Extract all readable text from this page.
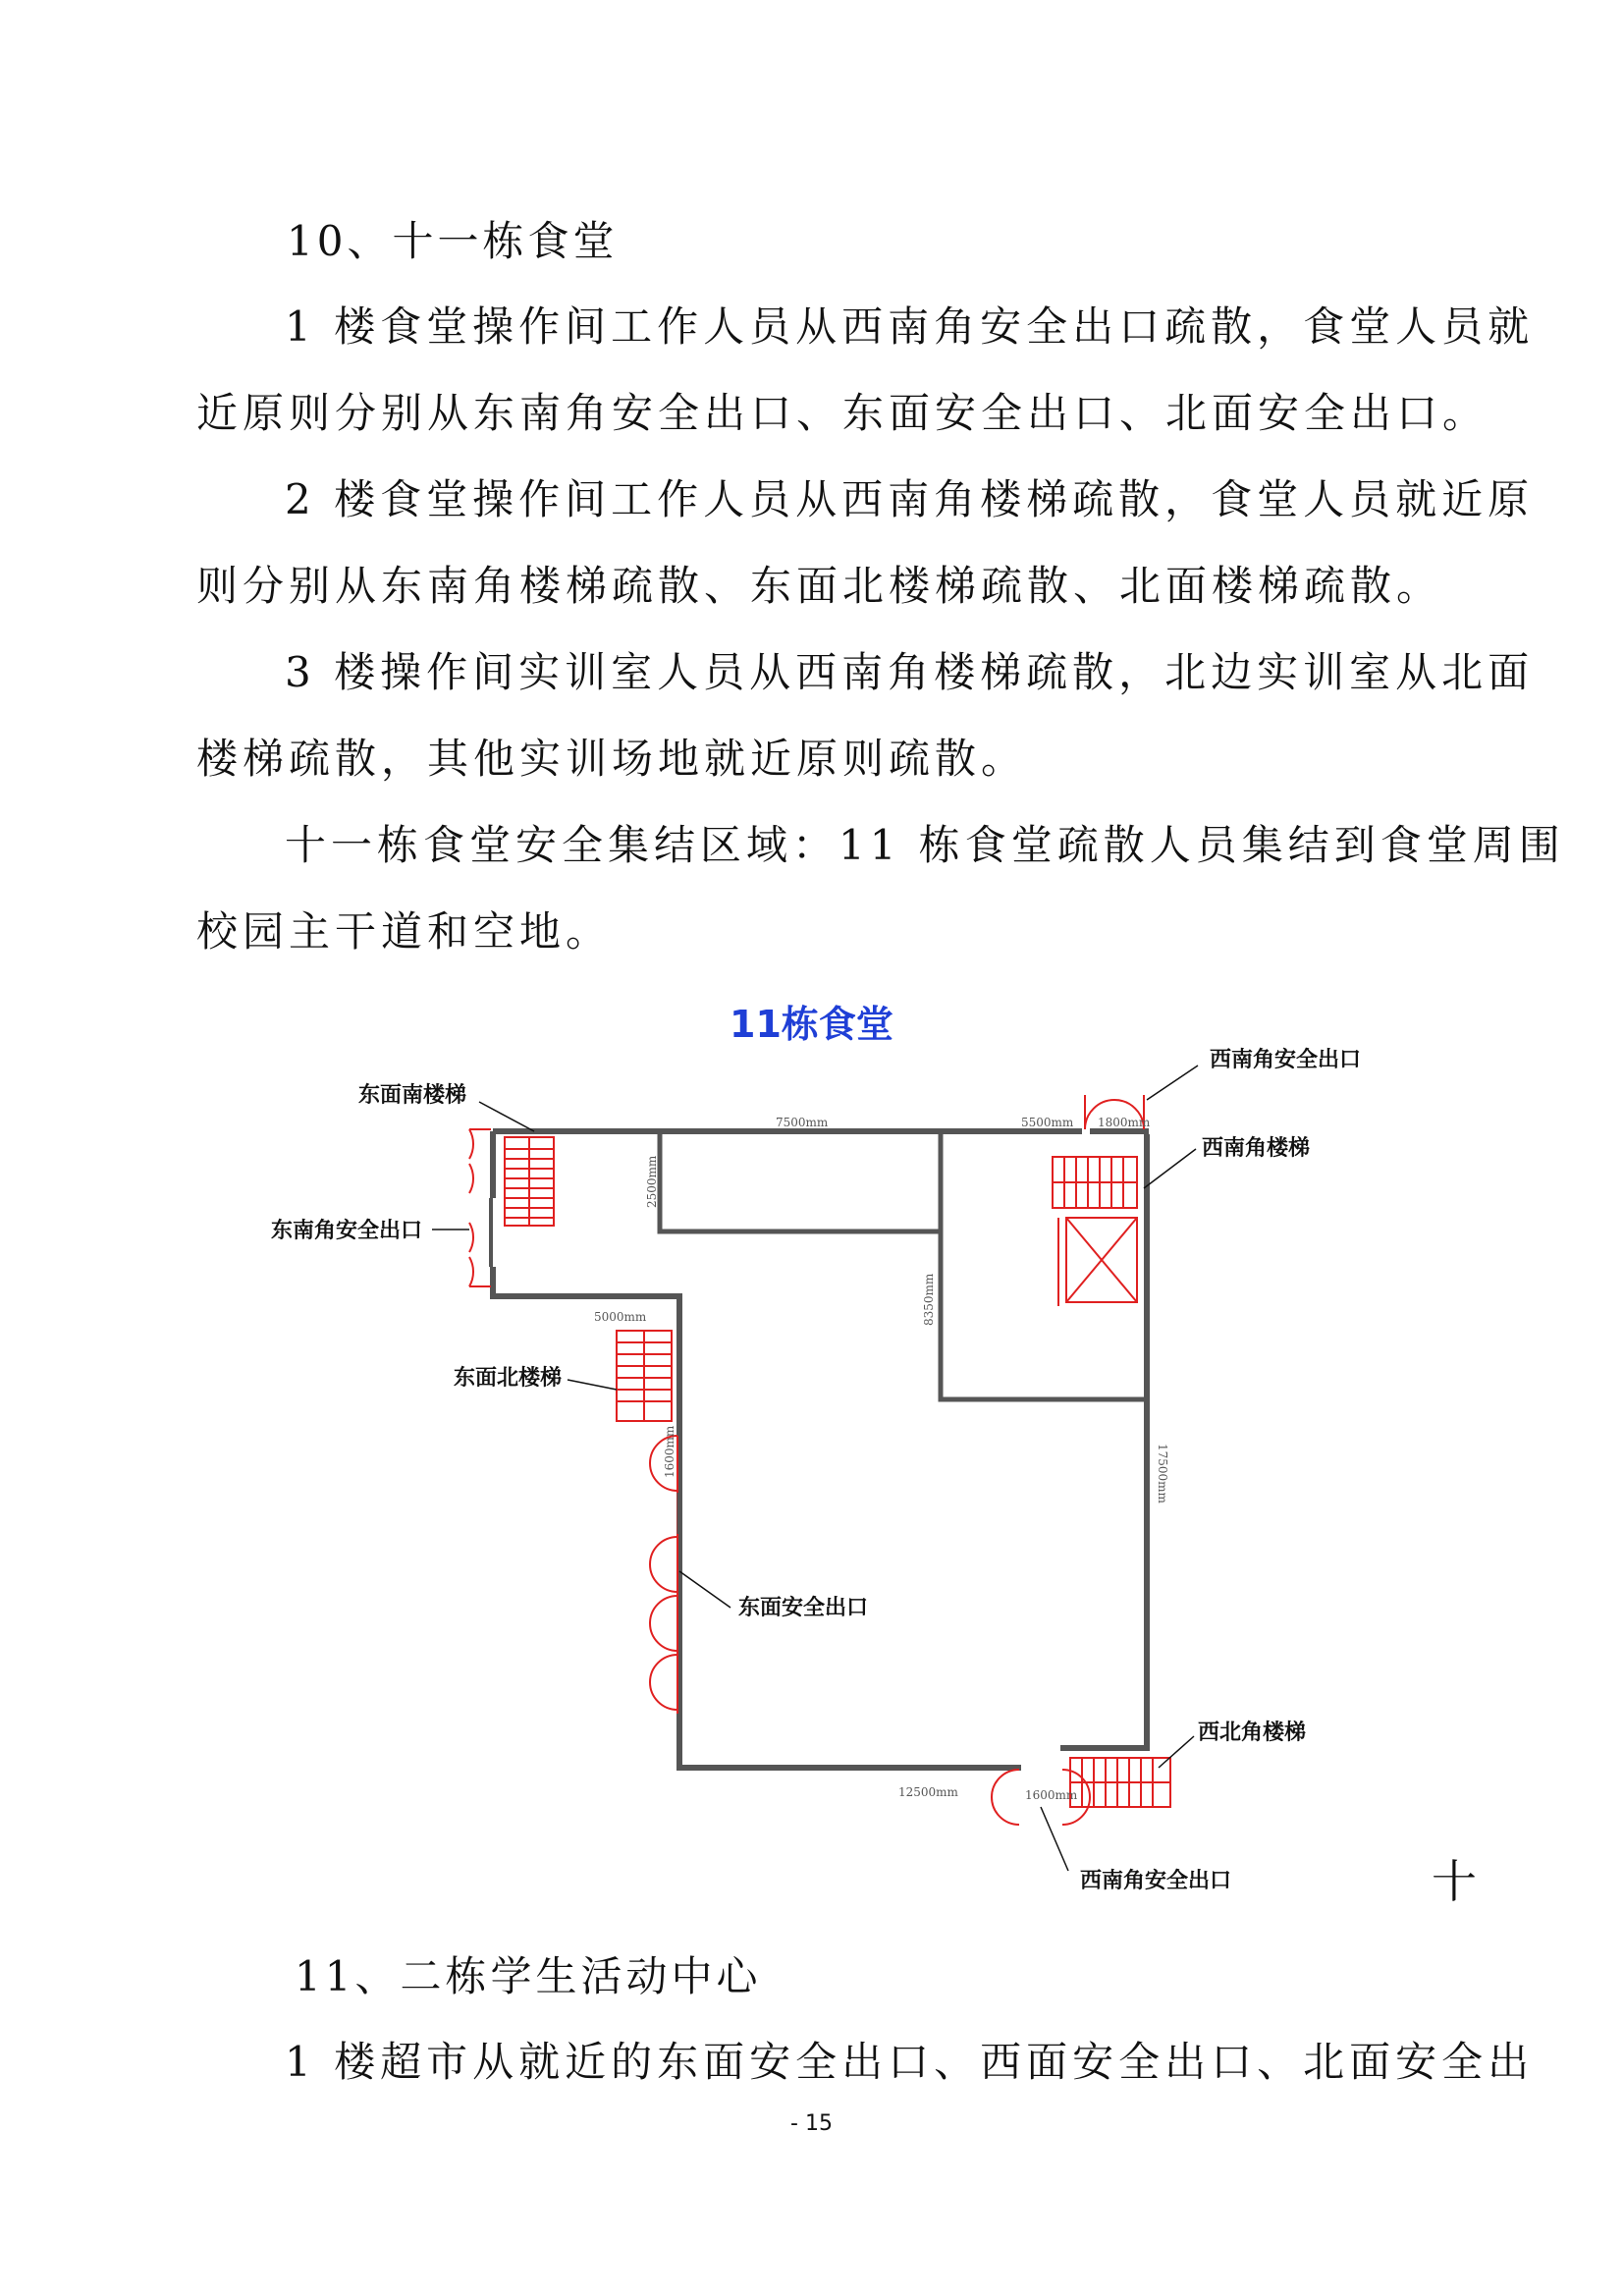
10、十一栋食堂
1 楼食堂操作间工作人员从西南角安全出口疏散，食堂人员就
近原则分别从东南角安全出口、东面安全出口、北面安全出口。
2 楼食堂操作间工作人员从西南角楼梯疏散，食堂人员就近原
则分别从东南角楼梯疏散、东面北楼梯疏散、北面楼梯疏散。
3 楼操作间实训室人员从西南角楼梯疏散，北边实训室从北面
楼梯疏散，其他实训场地就近原则疏散。
十一栋食堂安全集结区域：11 栋食堂疏散人员集结到食堂周围
校园主干道和空地。
11栋食堂
7500mm	5500mm 1800mm
5000mm
12500mm	1600mm
2500mm
8350mm
17500mm
1600mm
东面南楼梯
东南角安全出口
东面北楼梯
东面安全出口
西南角安全出口
西南角楼梯
西北角楼梯
西南角安全出口	十
11、二栋学生活动中心
1 楼超市从就近的东面安全出口、西面安全出口、北面安全出
- 15
